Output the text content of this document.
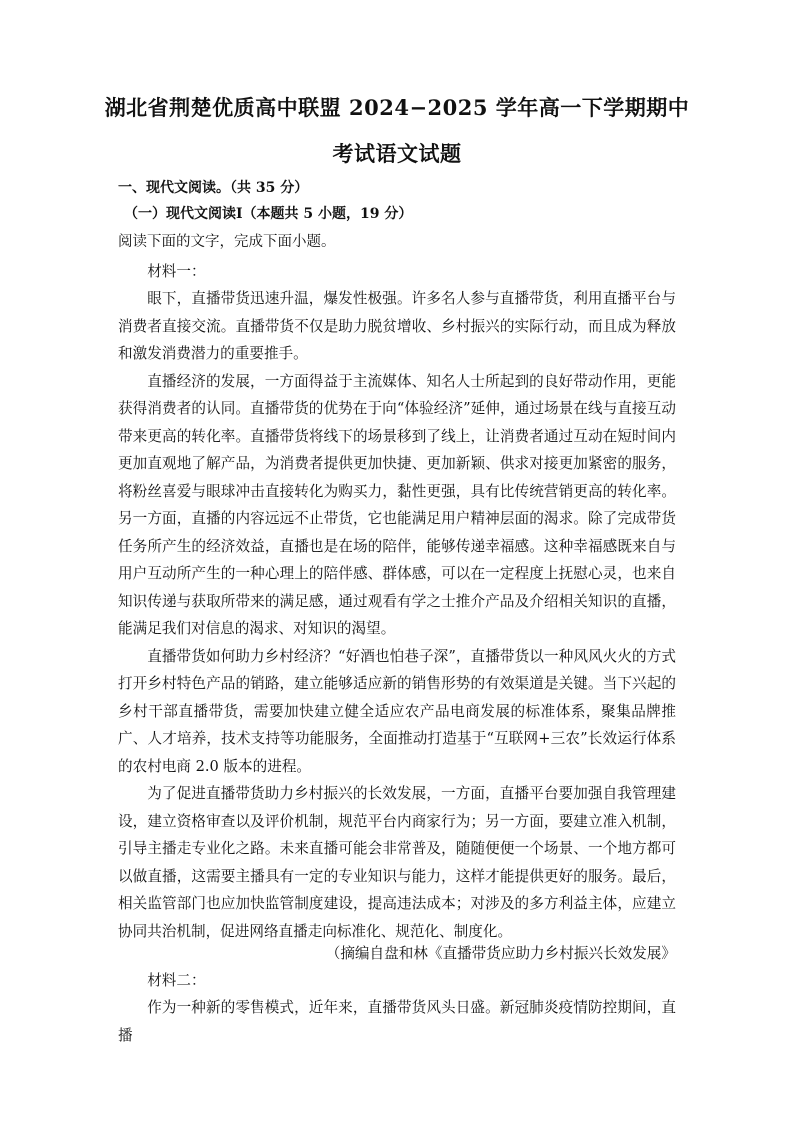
湖北省荆楚优质高中联盟 2024−2025 学年高一下学期期中
考试语文试题
一、现代文阅读。（共 35 分）
（一）现代文阅读Ⅰ（本题共 5 小题，19 分）
阅读下面的文字，完成下面小题。

材料一：

眼下，直播带货迅速升温，爆发性极强。许多名人参与直播带货，利用直播平台与消费者直接交流。直播带货不仅是助力脱贫增收、乡村振兴的实际行动，而且成为释放和激发消费潜力的重要推手。

直播经济的发展，一方面得益于主流媒体、知名人士所起到的良好带动作用，更能获得消费者的认同。直播带货的优势在于向“体验经济”延伸，通过场景在线与直接互动带来更高的转化率。直播带货将线下的场景移到了线上，让消费者通过互动在短时间内更加直观地了解产品，为消费者提供更加快捷、更加新颖、供求对接更加紧密的服务，将粉丝喜爱与眼球冲击直接转化为购买力，黏性更强，具有比传统营销更高的转化率。另一方面，直播的内容远远不止带货，它也能满足用户精神层面的渴求。除了完成带货任务所产生的经济效益，直播也是在场的陪伴，能够传递幸福感。这种幸福感既来自与用户互动所产生的一种心理上的陪伴感、群体感，可以在一定程度上抚慰心灵，也来自知识传递与获取所带来的满足感，通过观看有学之士推介产品及介绍相关知识的直播，能满足我们对信息的渴求、对知识的渴望。

直播带货如何助力乡村经济？“好酒也怕巷子深”，直播带货以一种风风火火的方式打开乡村特色产品的销路，建立能够适应新的销售形势的有效渠道是关键。当下兴起的乡村干部直播带货，需要加快建立健全适应农产品电商发展的标准体系，聚集品牌推广、人才培养，技术支持等功能服务，全面推动打造基于“互联网+三农”长效运行体系的农村电商 2.0 版本的进程。

为了促进直播带货助力乡村振兴的长效发展，一方面，直播平台要加强自我管理建设，建立资格审查以及评价机制，规范平台内商家行为；另一方面，要建立准入机制，引导主播走专业化之路。未来直播可能会非常普及，随随便便一个场景、一个地方都可以做直播，这需要主播具有一定的专业知识与能力，这样才能提供更好的服务。最后，相关监管部门也应加快监管制度建设，提高违法成本；对涉及的多方利益主体，应建立协同共治机制，促进网络直播走向标准化、规范化、制度化。

（摘编自盘和林《直播带货应助力乡村振兴长效发展》

材料二：

作为一种新的零售模式，近年来，直播带货风头日盛。新冠肺炎疫情防控期间，直播
